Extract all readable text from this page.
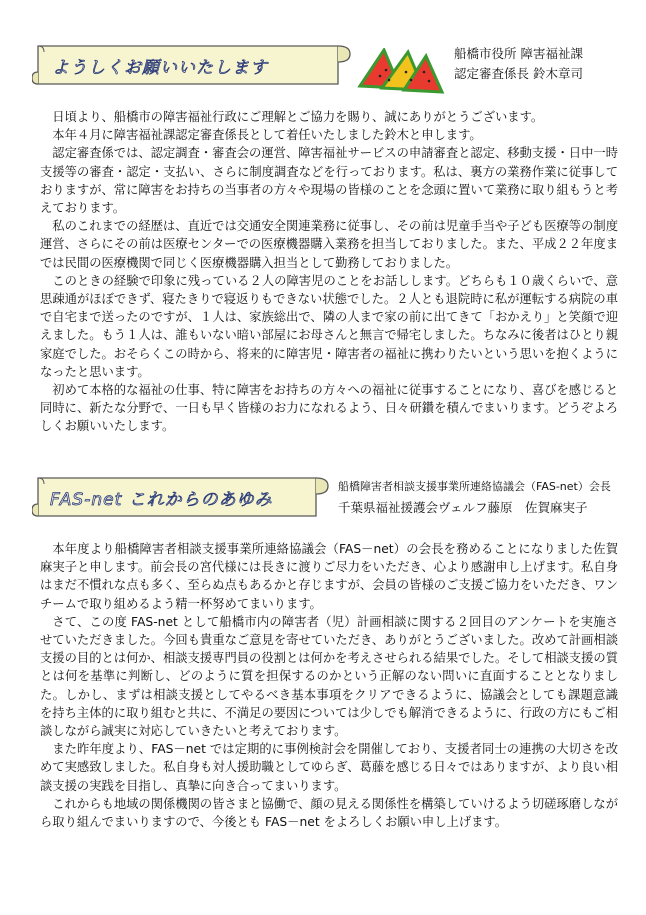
ようしくお願いいたします
船橋市役所 障害福祉課
認定審査係長 鈴木章司

日頃より、船橋市の障害福祉行政にご理解とご協力を賜り、誠にありがとうございます。

本年４月に障害福祉課認定審査係長として着任いたしました鈴木と申します。

認定審査係では、認定調査・審査会の運営、障害福祉サービスの申請審査と認定、移動支援・日中一時支援等の審査・認定・支払い、さらに制度調査などを行っております。私は、裏方の業務作業に従事しておりますが、常に障害をお持ちの当事者の方々や現場の皆様のことを念頭に置いて業務に取り組もうと考えております。

私のこれまでの経歴は、直近では交通安全関連業務に従事し、その前は児童手当や子ども医療等の制度運営、さらにその前は医療センターでの医療機器購入業務を担当しておりました。また、平成２２年度までは民間の医療機関で同じく医療機器購入担当として勤務しておりました。

このときの経験で印象に残っている２人の障害児のことをお話しします。どちらも１０歳くらいで、意思疎通がほぼできず、寝たきりで寝返りもできない状態でした。２人とも退院時に私が運転する病院の車で自宅まで送ったのですが、１人は、家族総出で、隣の人まで家の前に出てきて「おかえり」と笑顔で迎えました。もう１人は、誰もいない暗い部屋にお母さんと無言で帰宅しました。ちなみに後者はひとり親家庭でした。おそらくこの時から、将来的に障害児・障害者の福祉に携わりたいという思いを抱くようになったと思います。

初めて本格的な福祉の仕事、特に障害をお持ちの方々への福祉に従事することになり、喜びを感じると同時に、新たな分野で、一日も早く皆様のお力になれるよう、日々研鑽を積んでまいります。どうぞよろしくお願いいたします。

FAS-net これからのあゆみ
船橋障害者相談支援事業所連絡協議会（FAS-net）会長
千葉県福祉援護会ヴェルフ藤原　佐賀麻実子

本年度より船橋障害者相談支援事業所連絡協議会（FAS－net）の会長を務めることになりました佐賀麻実子と申します。前会長の宮代様には長きに渡りご尽力をいただき、心より感謝申し上げます。私自身はまだ不慣れな点も多く、至らぬ点もあるかと存じますが、会員の皆様のご支援ご協力をいただき、ワンチームで取り組めるよう精一杯努めてまいります。

さて、この度 FAS-net として船橋市内の障害者（児）計画相談に関する２回目のアンケートを実施させていただきました。今回も貴重なご意見を寄せていただき、ありがとうございました。改めて計画相談支援の目的とは何か、相談支援専門員の役割とは何かを考えさせられる結果でした。そして相談支援の質とは何を基準に判断し、どのように質を担保するのかという正解のない問いに直面することとなりました。しかし、まずは相談支援としてやるべき基本事項をクリアできるように、協議会としても課題意識を持ち主体的に取り組むと共に、不満足の要因については少しでも解消できるように、行政の方にもご相談しながら誠実に対応していきたいと考えております。

また昨年度より、FAS－net では定期的に事例検討会を開催しており、支援者同士の連携の大切さを改めて実感致しました。私自身も対人援助職としてゆらぎ、葛藤を感じる日々ではありますが、より良い相談支援の実践を目指し、真摯に向き合ってまいります。

これからも地域の関係機関の皆さまと協働で、顔の見える関係性を構築していけるよう切磋琢磨しながら取り組んでまいりますので、今後とも FAS－net をよろしくお願い申し上げます。
